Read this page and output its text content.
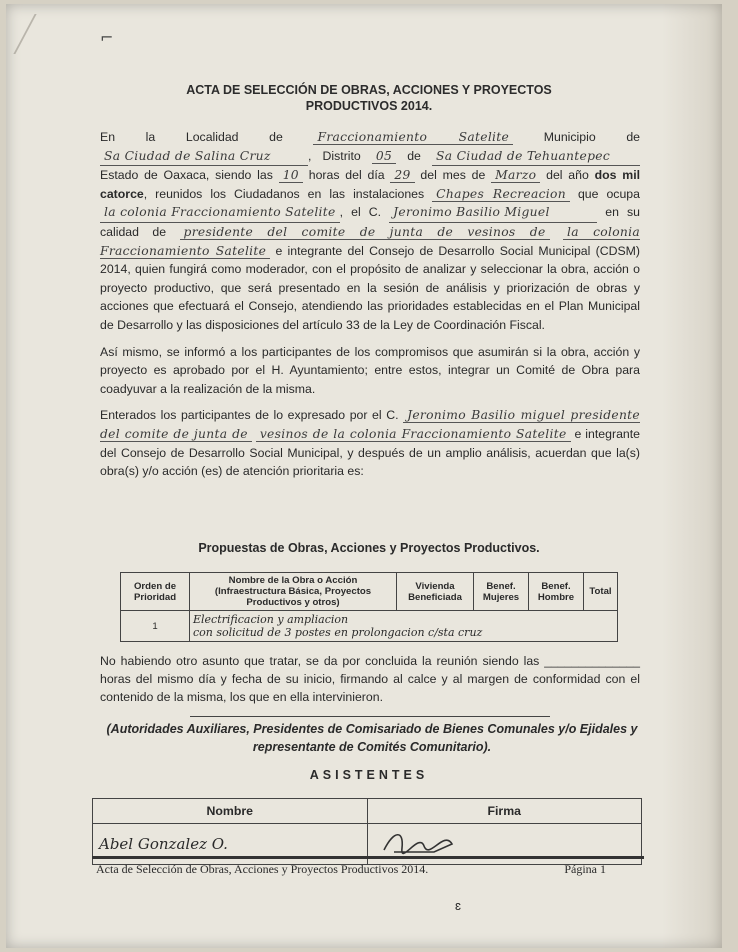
⌐
ACTA DE SELECCIÓN DE OBRAS, ACCIONES Y PROYECTOS
PRODUCTIVOS 2014.

En la Localidad de	Fraccionamiento Satelite	Municipio de Sa Ciudad de Salina Cruz	, Distrito 05 de Sa Ciudad de Tehuantepec Estado de Oaxaca, siendo las 10 horas del día 29 del mes de Marzo del año dos mil catorce, reunidos los Ciudadanos en las instalaciones Chapes Recreacion que ocupa la colonia Fraccionamiento Satelite , el C. Jeronimo Basilio Miguel	en su calidad de presidente del comite de junta de vesinos de la colonia Fraccionamiento Satelite e integrante del Consejo de Desarrollo Social Municipal (CDSM) 2014, quien fungirá como moderador, con el propósito de analizar y seleccionar la obra, acción o proyecto productivo, que será presentado en la sesión de análisis y priorización de obras y acciones que efectuará el Consejo, atendiendo las prioridades establecidas en el Plan Municipal de Desarrollo y las disposiciones del artículo 33 de la Ley de Coordinación Fiscal.

Así mismo, se informó a los participantes de los compromisos que asumirán si la obra, acción y proyecto es aprobado por el H. Ayuntamiento; entre estos, integrar un Comité de Obra para coadyuvar a la realización de la misma.

Enterados los participantes de lo expresado por el C. Jeronimo Basilio miguel presidente del comite de junta de vesinos de la colonia Fraccionamiento Satelite e integrante del Consejo de Desarrollo Social Municipal, y después de un amplio análisis, acuerdan que la(s) obra(s) y/o acción (es) de atención prioritaria es:

Propuestas de Obras, Acciones y Proyectos Productivos.
Orden de Prioridad	Nombre de la Obra o Acción (Infraestructura Básica, Proyectos Productivos y otros)	Vivienda Beneficiada	Benef. Mujeres	Benef. Hombre	Total
1	Electrificacion y ampliacion
con solicitud de 3 postes en prolongacion c/sta cruz				
No habiendo otro asunto que tratar, se da por concluida la reunión siendo las ______________ horas del mismo día y fecha de su inicio, firmando al calce y al margen de conformidad con el contenido de la misma, los que en ella intervinieron.
(Autoridades Auxiliares, Presidentes de Comisariado de Bienes Comunales y/o Ejidales y representante de Comités Comunitario).
ASISTENTES
Nombre	Firma
Abel Gonzalez O.	
Acta de Selección de Obras, Acciones y Proyectos Productivos 2014.	Página 1
ɛ
